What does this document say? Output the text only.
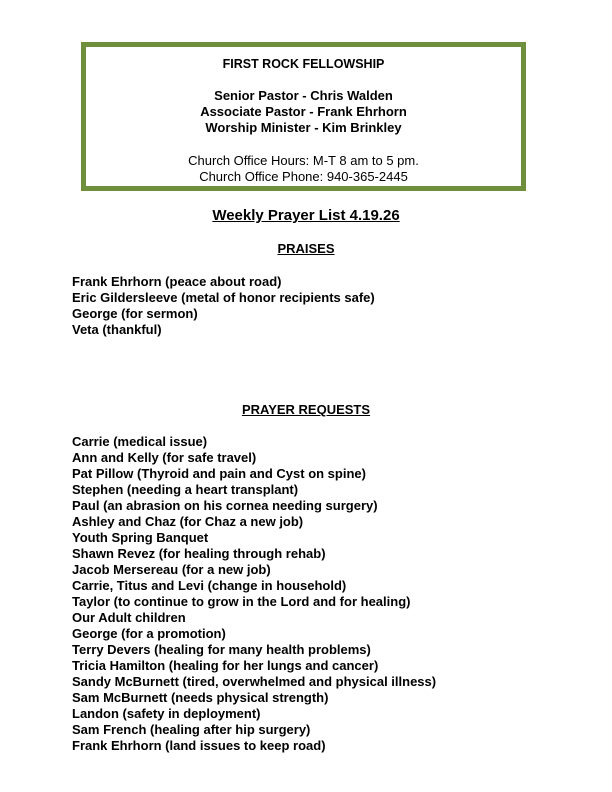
FIRST ROCK FELLOWSHIP
Senior Pastor - Chris Walden
Associate Pastor - Frank Ehrhorn
Worship Minister - Kim Brinkley
Church Office Hours: M-T 8 am to 5 pm.
Church Office Phone: 940-365-2445
Weekly Prayer List 4.19.26
PRAISES
Frank Ehrhorn (peace about road)
Eric Gildersleeve (metal of honor recipients safe)
George (for sermon)
Veta (thankful)
PRAYER REQUESTS
Carrie (medical issue)
Ann and Kelly (for safe travel)
Pat Pillow (Thyroid and pain and Cyst on spine)
Stephen (needing a heart transplant)
Paul (an abrasion on his cornea needing surgery)
Ashley and Chaz (for Chaz a new job)
Youth Spring Banquet
Shawn Revez (for healing through rehab)
Jacob Mersereau (for a new job)
Carrie, Titus and Levi (change in household)
Taylor (to continue to grow in the Lord and for healing)
Our Adult children
George (for a promotion)
Terry Devers (healing for many health problems)
Tricia Hamilton (healing for her lungs and cancer)
Sandy McBurnett (tired, overwhelmed and physical illness)
Sam McBurnett (needs physical strength)
Landon (safety in deployment)
Sam French (healing after hip surgery)
Frank Ehrhorn (land issues to keep road)
